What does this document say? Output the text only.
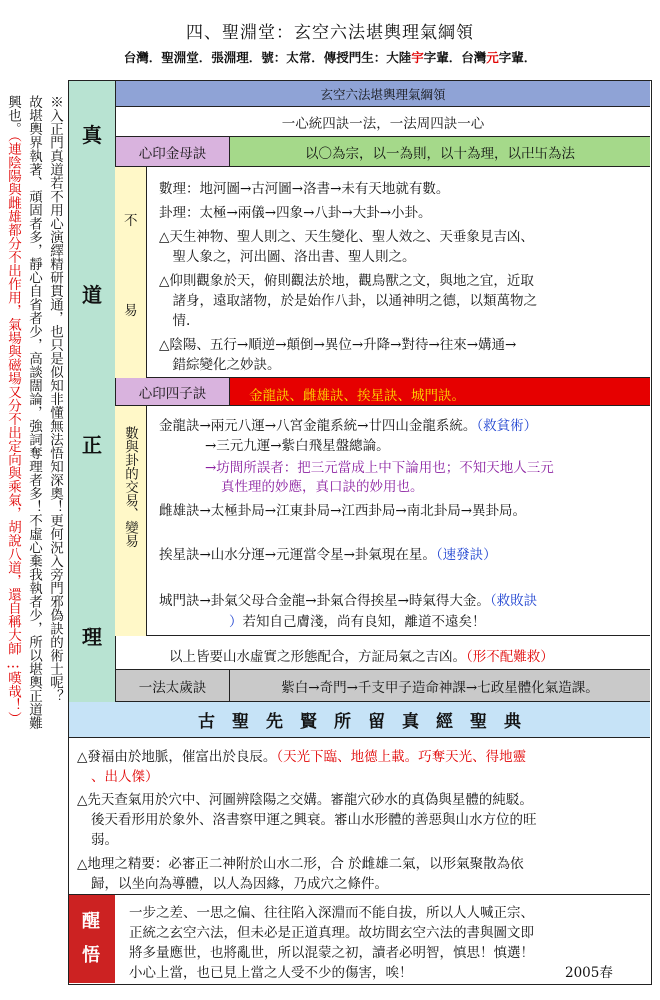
四、聖淵堂：玄空六法堪輿理氣綱領
台灣．聖淵堂．張淵理．號：太常．傳授門生：大陸宇字輩．台灣元字輩．
※入正門真道若不用心演繹精研貫通，也只是似知非懂無法悟知深奧！更何況入旁門邪偽訣的術士呢？
故堪輿界執著、頑固者多，靜心自省者少，高談闊論，強詞奪理者多！不虛心棄我執者少，所以堪輿正道難
興也。（連陰陽與雌雄都分不出作用，氣場與磁場又分不出定向與乘氣，胡說八道，還自稱大師…嘆哉！）
真
道
正
理
玄空六法堪輿理氣綱領
一心統四訣一法，一法周四訣一心
心印金母訣	以〇為宗，以一為則，以十為理，以卍卐為法
不
易
數理：地河圖→古河圖→洛書→未有天地就有數。
卦理：太極→兩儀→四象→八卦→大卦→小卦。
△天生神物、聖人則之、天生變化、聖人效之、天垂象見吉凶、
　聖人象之，河出圖、洛出書、聖人則之。
△仰則觀象於天，俯則觀法於地，觀鳥獸之文，與地之宜，近取
　諸身，遠取諸物，於是始作八卦，以通神明之德，以類萬物之
　情.
△陰陽、五行→順逆→顛倒→異位→升降→對待→往來→媾通→
　錯綜變化之妙訣。
心印四子訣	金龍訣、雌雄訣、挨星訣、城門訣。
數與卦的交易、變易 金龍訣→兩元八運→八宮金龍系統→廿四山金龍系統。（救貧術）
→三元九運→紫白飛星盤總論。
→坊間所誤者：把三元當成上中下論用也；不知天地人三元
真性理的妙應，真口訣的妙用也。
雌雄訣→太極卦局→江東卦局→江西卦局→南北卦局→異卦局。
挨星訣→山水分運→元運當令星→卦氣現在星。（速發訣）
城門訣→卦氣父母合金龍→卦氣合得挨星→時氣得大金。（救敗訣
）若知自己膚淺，尚有良知，離道不遠矣！
以上皆要山水虛實之形態配合，方証局氣之吉凶。（形不配難救）
一法太歲訣	紫白→奇門→千支甲子造命神課→七政星體化氣造課。
古　聖　先　賢　所　留　真　經　聖　典
△發福由於地脈，催富出於良辰。（天光下臨、地德上載。巧奪天光、得地靈
、出人傑）
△先天查氣用於穴中、河圖辨陰陽之交媾。審龍穴砂水的真偽與星體的純駁。
後天看形用於象外、洛書察甲運之興衰。審山水形體的善惡與山水方位的旺
弱。
△地理之精要：必審正二神附於山水二形，合 於雌雄二氣，以形氣聚散為依
歸，以坐向為導體，以人為因緣，乃成穴之條件。
醒
悟
一步之差、一思之偏、往往陷入深淵而不能自拔，所以人人喊正宗、
正統之玄空六法，但未必是正道真理。故坊間玄空六法的書與圖文即
將多量應世，也將亂世，所以混蒙之初，讀者必明智，慎思！慎選！
小心上當，也已見上當之人受不少的傷害，唉！	2005春
